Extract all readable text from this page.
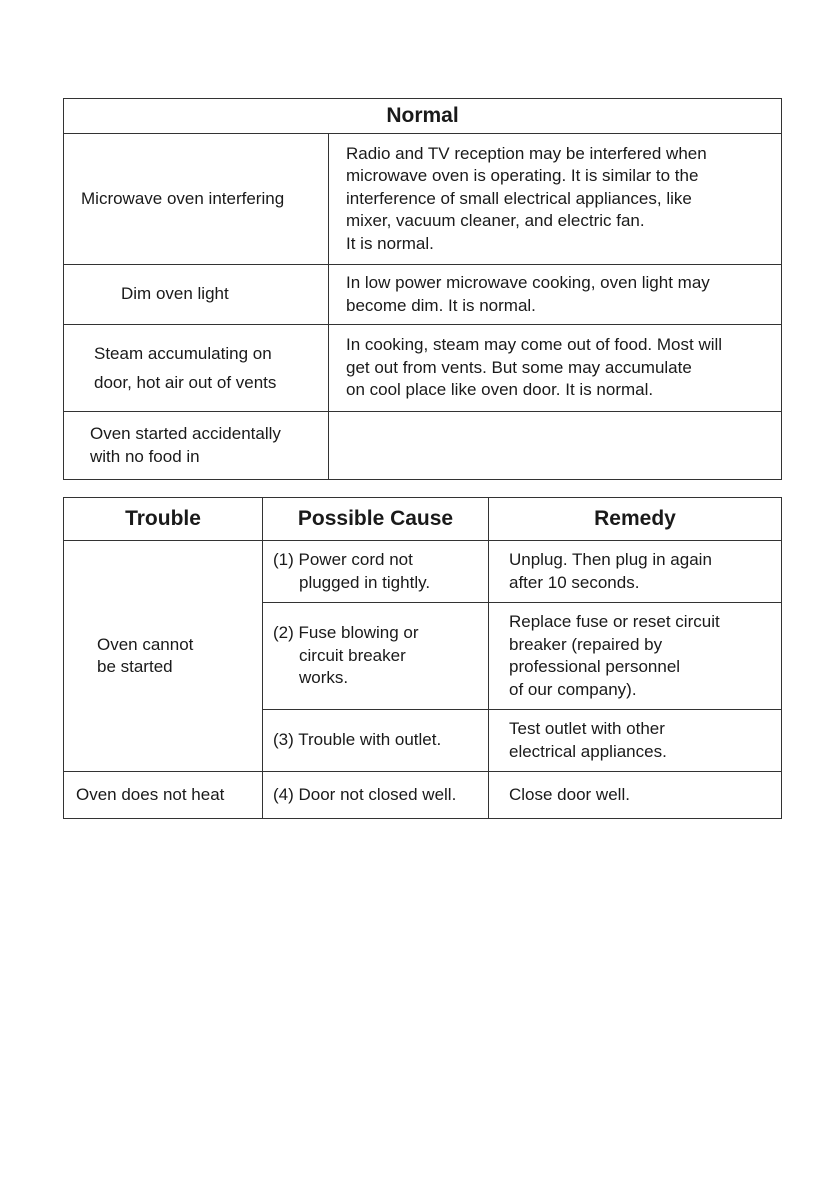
Normal	

Microwave oven interfering	Radio and TV reception may be interfered when
microwave oven is operating. It is similar to the
interference of small electrical appliances, like
mixer, vacuum cleaner, and electric fan.
It is normal.

Dim oven light	In low power microwave cooking, oven light may
become dim. It is normal.

Steam accumulating on
door, hot air out of vents	In cooking, steam may come out of food. Most will
get out from vents. But some may accumulate
on cool place like oven door. It is normal.

Oven started accidentally
with no food in	

Trouble	Possible Cause	Remedy

Oven cannot
be started	(1) Power cord not
plugged in tightly.	Unplug. Then plug in again
after 10 seconds.

	(2) Fuse blowing or
circuit breaker
works.	Replace fuse or reset circuit
breaker (repaired by
professional personnel
of our company).

	(3) Trouble with outlet.	Test outlet with other
electrical appliances.

Oven does not heat	(4) Door not closed well.	Close door well.
